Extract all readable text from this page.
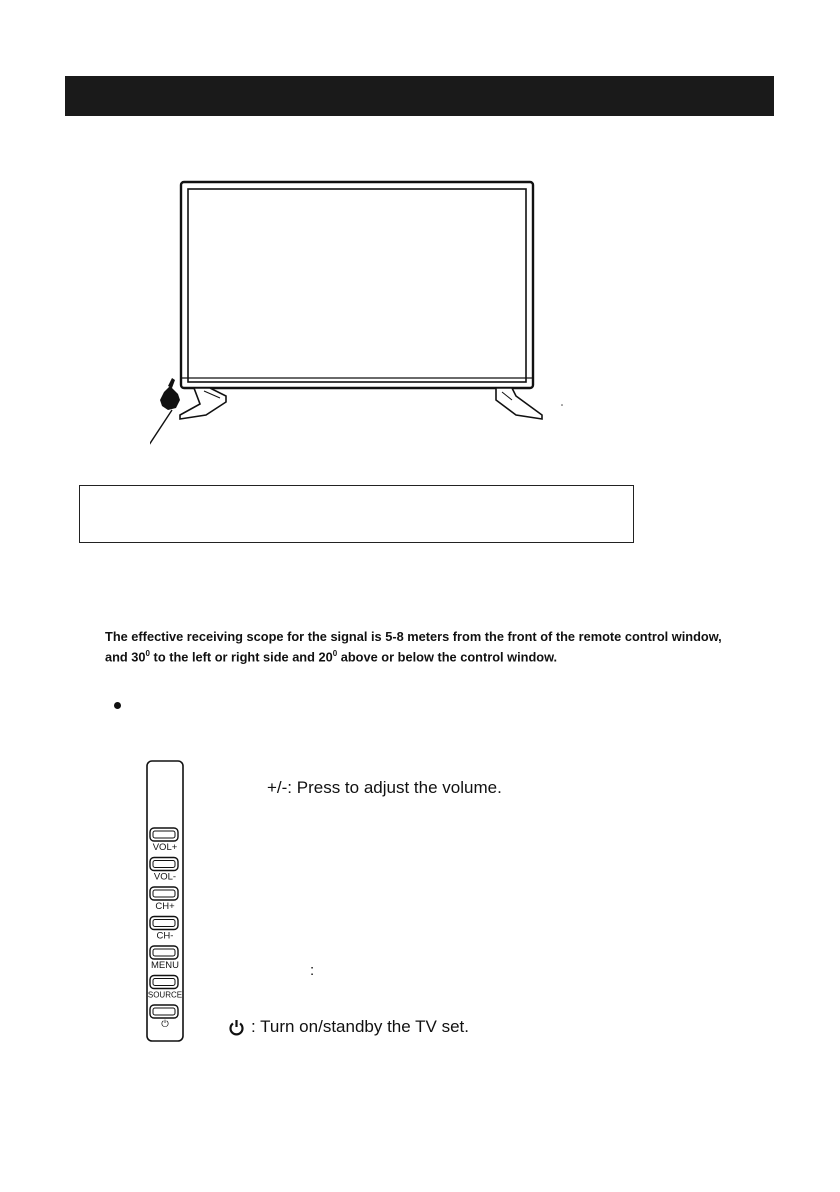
The effective receiving scope for the signal is 5-8 meters from the front of the remote control window, and $30^0$ to the left or right side and $20^0$ above or below the control window.
VOL+
VOL-
CH+
CH-
MENU
SOURCE
⏻
+/-: Press to adjust the volume.
:
: Turn on/standby the TV set.
